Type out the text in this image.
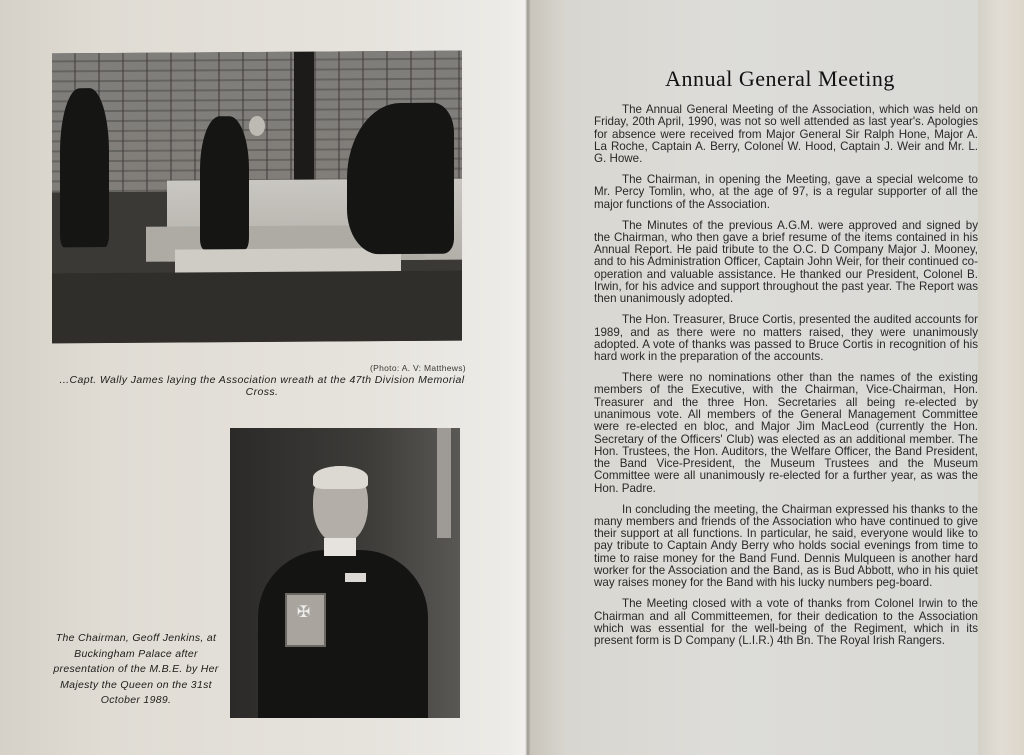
(Photo: A. V: Matthews)
...Capt. Wally James laying the Association wreath at the 47th Division Memorial Cross.
✠
The Chairman, Geoff Jenkins, at Buckingham Palace after presentation of the M.B.E. by Her Majesty the Queen on the 31st October 1989.
Annual General Meeting

The Annual General Meeting of the Association, which was held on Friday, 20th April, 1990, was not so well attended as last year's. Apologies for absence were received from Major General Sir Ralph Hone, Major A. La Roche, Captain A. Berry, Colonel W. Hood, Captain J. Weir and Mr. L. G. Howe.

The Chairman, in opening the Meeting, gave a special welcome to Mr. Percy Tomlin, who, at the age of 97, is a regular supporter of all the major functions of the Association.

The Minutes of the previous A.G.M. were approved and signed by the Chairman, who then gave a brief resume of the items contained in his Annual Report. He paid tribute to the O.C. D Company Major J. Mooney, and to his Administration Officer, Captain John Weir, for their continued co-operation and valuable assistance. He thanked our President, Colonel B. Irwin, for his advice and support throughout the past year. The Report was then unanimously adopted.

The Hon. Treasurer, Bruce Cortis, presented the audited accounts for 1989, and as there were no matters raised, they were unanimously adopted. A vote of thanks was passed to Bruce Cortis in recognition of his hard work in the preparation of the accounts.

There were no nominations other than the names of the existing members of the Executive, with the Chairman, Vice-Chairman, Hon. Treasurer and the three Hon. Secretaries all being re-elected by unanimous vote. All members of the General Management Committee were re-elected en bloc, and Major Jim MacLeod (currently the Hon. Secretary of the Officers' Club) was elected as an additional member. The Hon. Trustees, the Hon. Auditors, the Welfare Officer, the Band President, the Band Vice-President, the Museum Trustees and the Museum Committee were all unanimously re-elected for a further year, as was the Hon. Padre.

In concluding the meeting, the Chairman expressed his thanks to the many members and friends of the Association who have continued to give their support at all functions. In particular, he said, everyone would like to pay tribute to Captain Andy Berry who holds social evenings from time to time to raise money for the Band Fund. Dennis Mulqueen is another hard worker for the Association and the Band, as is Bud Abbott, who in his quiet way raises money for the Band with his lucky numbers peg-board.

The Meeting closed with a vote of thanks from Colonel Irwin to the Chairman and all Committeemen, for their dedication to the Association which was essential for the well-being of the Regiment, which in its present form is D Company (L.I.R.) 4th Bn. The Royal Irish Rangers.
